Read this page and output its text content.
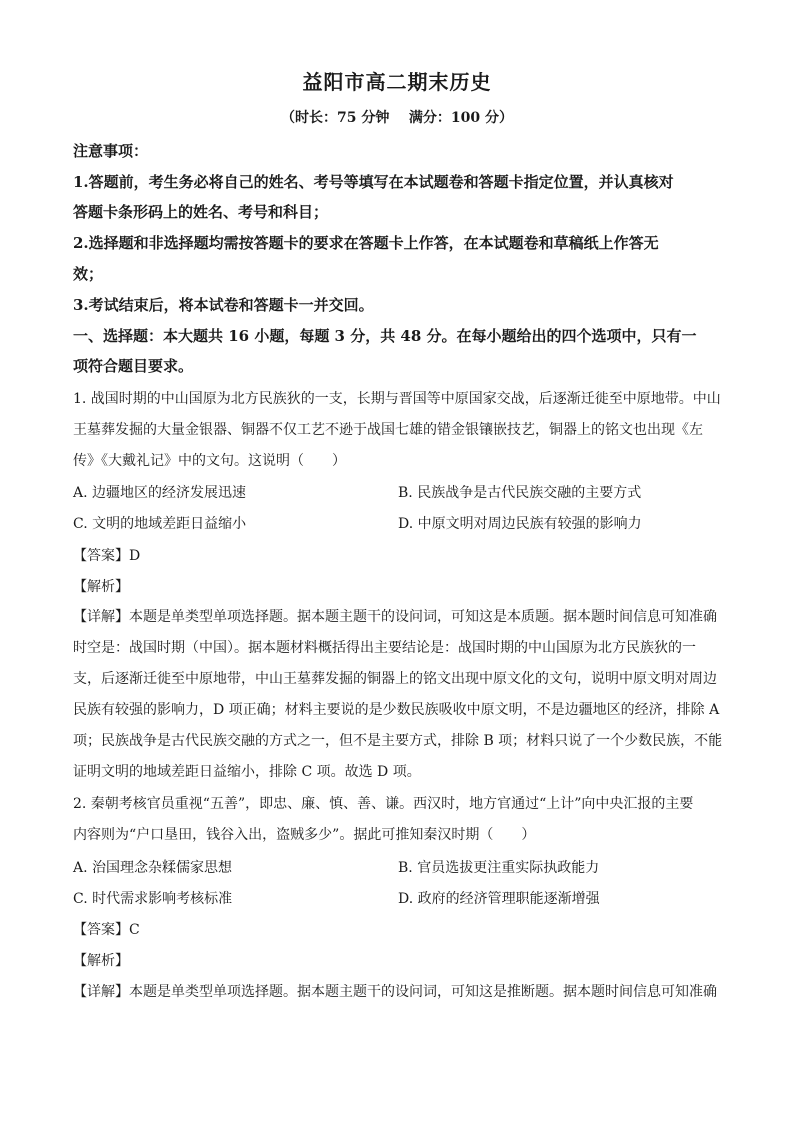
益阳市高二期末历史
（时长：75 分钟    满分：100 分）
注意事项：
1.答题前，考生务必将自己的姓名、考号等填写在本试题卷和答题卡指定位置，并认真核对
答题卡条形码上的姓名、考号和科目；
2.选择题和非选择题均需按答题卡的要求在答题卡上作答，在本试题卷和草稿纸上作答无
效；
3.考试结束后，将本试卷和答题卡一并交回。
一、选择题：本大题共 16 小题，每题 3 分，共 48 分。在每小题给出的四个选项中，只有一
项符合题目要求。
1. 战国时期的中山国原为北方民族狄的一支，长期与晋国等中原国家交战，后逐渐迁徙至中原地带。中山
王墓葬发掘的大量金银器、铜器不仅工艺不逊于战国七雄的错金银镶嵌技艺，铜器上的铭文也出现《左
传》《大戴礼记》中的文句。这说明（　　）
A. 边疆地区的经济发展迅速	B. 民族战争是古代民族交融的主要方式
C. 文明的地域差距日益缩小	D. 中原文明对周边民族有较强的影响力
【答案】D
【解析】
【详解】本题是单类型单项选择题。据本题主题干的设问词，可知这是本质题。据本题时间信息可知准确
时空是：战国时期（中国）。据本题材料概括得出主要结论是：战国时期的中山国原为北方民族狄的一
支，后逐渐迁徙至中原地带，中山王墓葬发掘的铜器上的铭文出现中原文化的文句，说明中原文明对周边
民族有较强的影响力，D 项正确；材料主要说的是少数民族吸收中原文明，不是边疆地区的经济，排除 A
项；民族战争是古代民族交融的方式之一，但不是主要方式，排除 B 项；材料只说了一个少数民族，不能
证明文明的地域差距日益缩小，排除 C 项。故选 D 项。
2. 秦朝考核官员重视“五善”，即忠、廉、慎、善、谦。西汉时，地方官通过“上计”向中央汇报的主要
内容则为“户口垦田，钱谷入出，盗贼多少”。据此可推知秦汉时期（　　）
A. 治国理念杂糅儒家思想	B. 官员选拔更注重实际执政能力
C. 时代需求影响考核标准	D. 政府的经济管理职能逐渐增强
【答案】C
【解析】
【详解】本题是单类型单项选择题。据本题主题干的设问词，可知这是推断题。据本题时间信息可知准确
